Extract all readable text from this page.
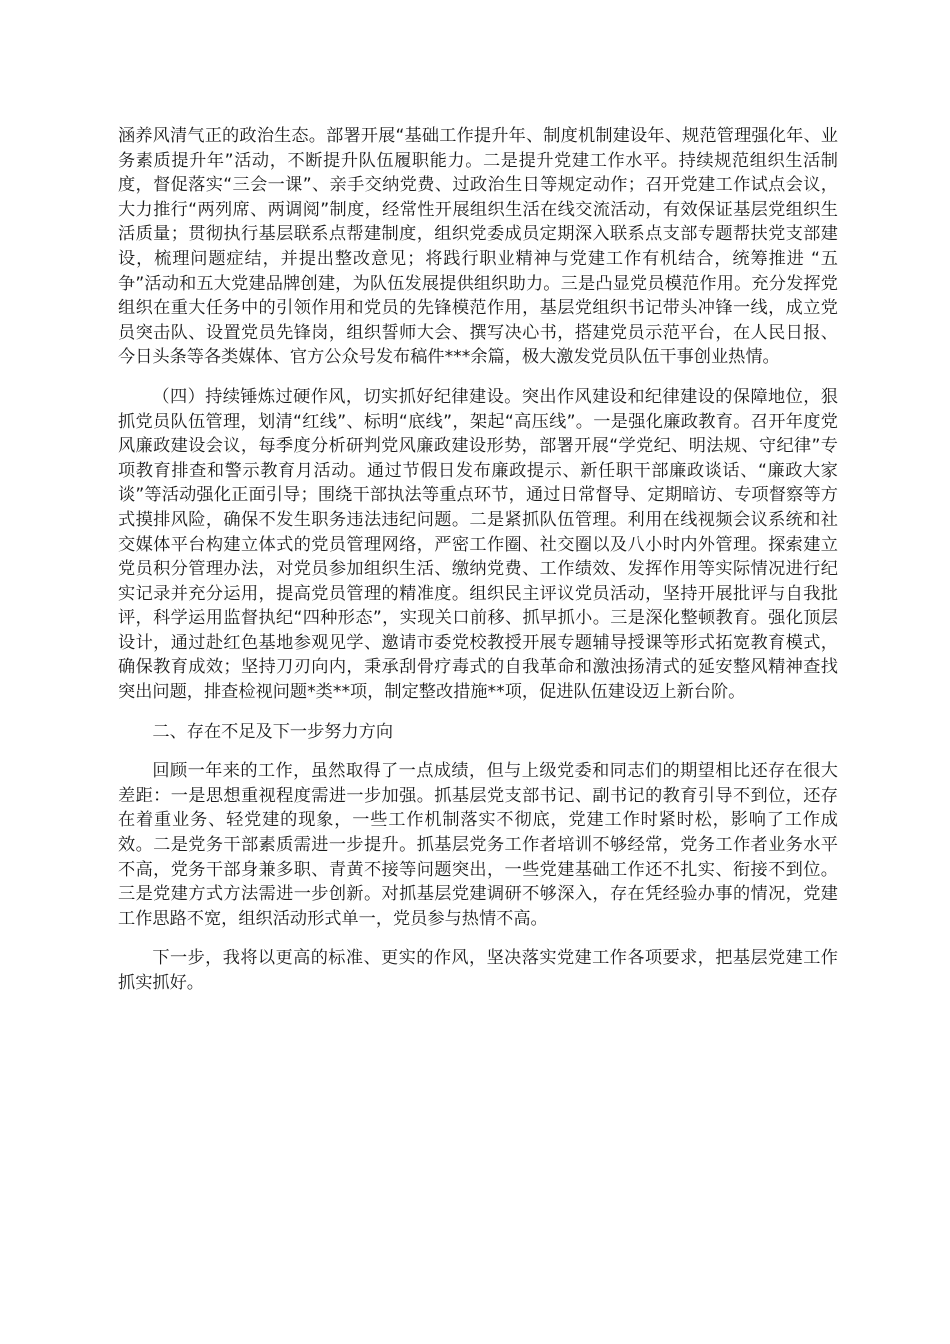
涵养风清气正的政治生态。部署开展“基础工作提升年、制度机制建设年、规范管理强化年、业务素质提升年”活动，不断提升队伍履职能力。二是提升党建工作水平。持续规范组织生活制度，督促落实“三会一课”、亲手交纳党费、过政治生日等规定动作；召开党建工作试点会议，大力推行“两列席、两调阅”制度，经常性开展组织生活在线交流活动，有效保证基层党组织生活质量；贯彻执行基层联系点帮建制度，组织党委成员定期深入联系点支部专题帮扶党支部建设，梳理问题症结，并提出整改意见；将践行职业精神与党建工作有机结合，统筹推进 “五争”活动和五大党建品牌创建，为队伍发展提供组织助力。三是凸显党员模范作用。充分发挥党组织在重大任务中的引领作用和党员的先锋模范作用，基层党组织书记带头冲锋一线，成立党员突击队、设置党员先锋岗，组织誓师大会、撰写决心书，搭建党员示范平台，在人民日报、今日头条等各类媒体、官方公众号发布稿件***余篇，极大激发党员队伍干事创业热情。

（四）持续锤炼过硬作风，切实抓好纪律建设。突出作风建设和纪律建设的保障地位，狠抓党员队伍管理，划清“红线”、标明“底线”，架起“高压线”。一是强化廉政教育。召开年度党风廉政建设会议，每季度分析研判党风廉政建设形势，部署开展“学党纪、明法规、守纪律”专项教育排查和警示教育月活动。通过节假日发布廉政提示、新任职干部廉政谈话、“廉政大家谈”等活动强化正面引导；围绕干部执法等重点环节，通过日常督导、定期暗访、专项督察等方式摸排风险，确保不发生职务违法违纪问题。二是紧抓队伍管理。利用在线视频会议系统和社交媒体平台构建立体式的党员管理网络，严密工作圈、社交圈以及八小时内外管理。探索建立党员积分管理办法，对党员参加组织生活、缴纳党费、工作绩效、发挥作用等实际情况进行纪实记录并充分运用，提高党员管理的精准度。组织民主评议党员活动，坚持开展批评与自我批评，科学运用监督执纪“四种形态”，实现关口前移、抓早抓小。三是深化整顿教育。强化顶层设计，通过赴红色基地参观见学、邀请市委党校教授开展专题辅导授课等形式拓宽教育模式，确保教育成效；坚持刀刃向内，秉承刮骨疗毒式的自我革命和激浊扬清式的延安整风精神查找突出问题，排查检视问题*类**项，制定整改措施**项，促进队伍建设迈上新台阶。

二、存在不足及下一步努力方向

回顾一年来的工作，虽然取得了一点成绩，但与上级党委和同志们的期望相比还存在很大差距：一是思想重视程度需进一步加强。抓基层党支部书记、副书记的教育引导不到位，还存在着重业务、轻党建的现象，一些工作机制落实不彻底，党建工作时紧时松，影响了工作成效。二是党务干部素质需进一步提升。抓基层党务工作者培训不够经常，党务工作者业务水平不高，党务干部身兼多职、青黄不接等问题突出，一些党建基础工作还不扎实、衔接不到位。三是党建方式方法需进一步创新。对抓基层党建调研不够深入，存在凭经验办事的情况，党建工作思路不宽，组织活动形式单一，党员参与热情不高。

下一步，我将以更高的标准、更实的作风，坚决落实党建工作各项要求，把基层党建工作抓实抓好。
